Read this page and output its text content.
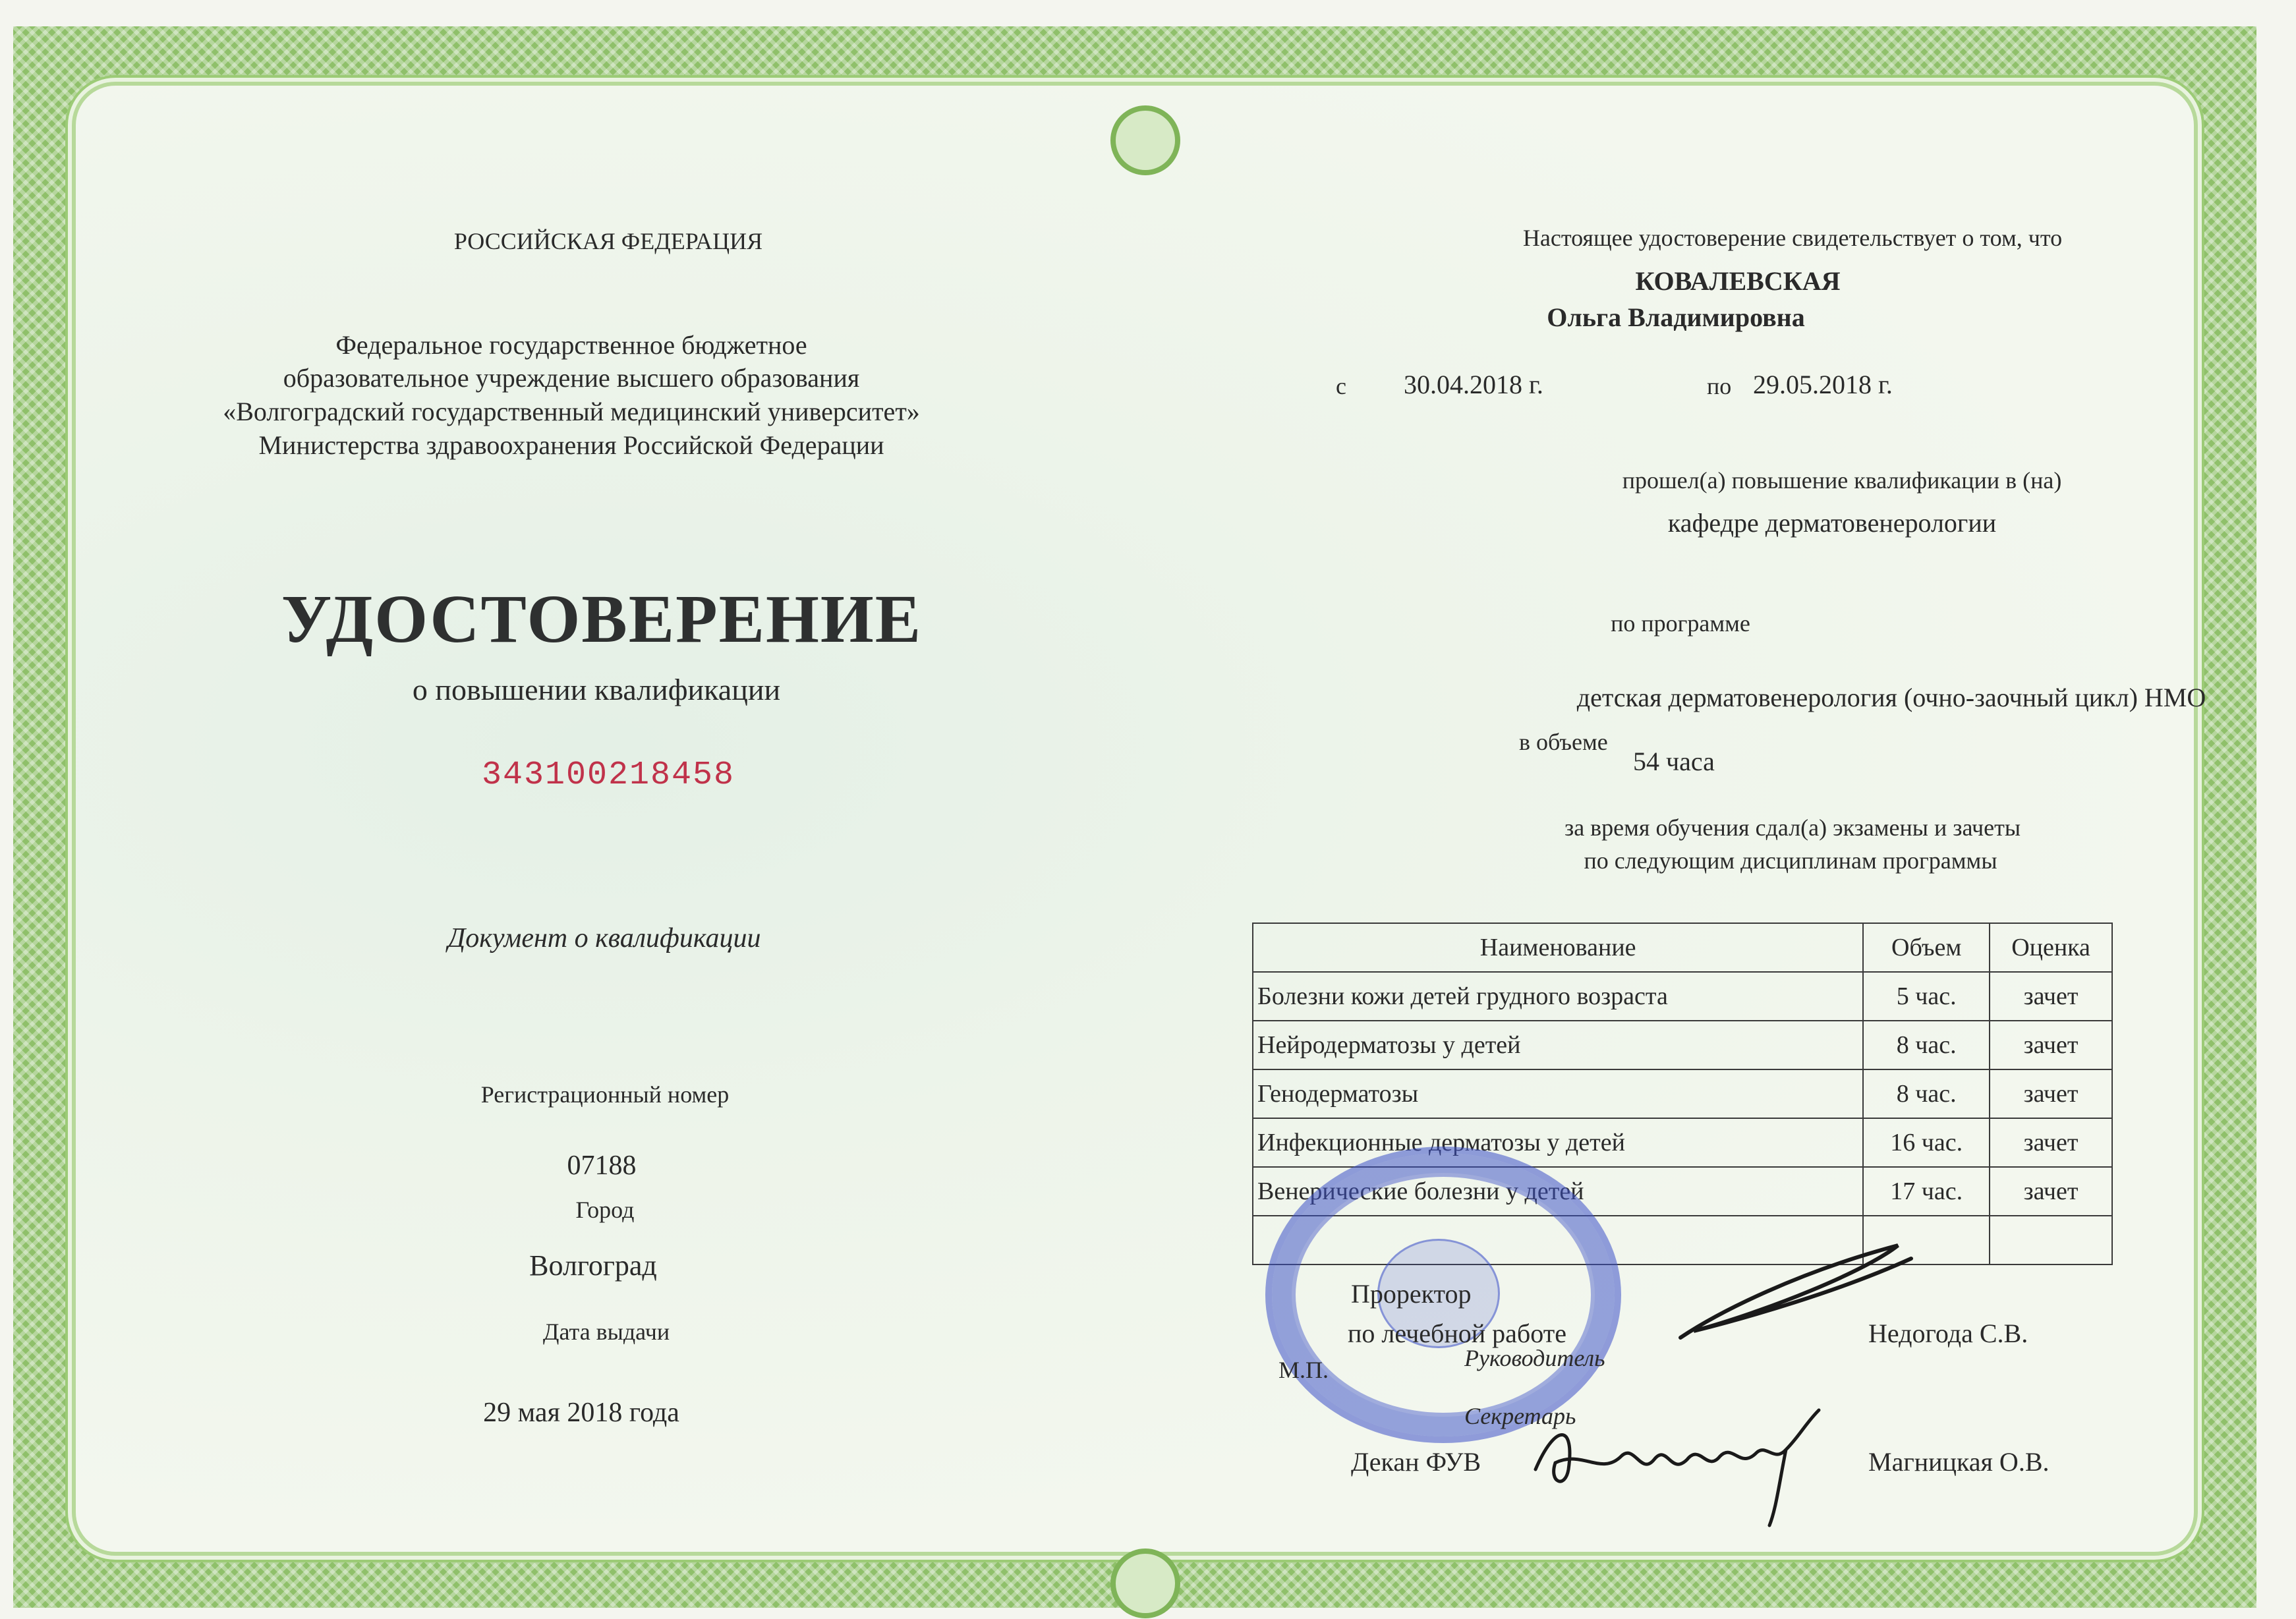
РОССИЙСКАЯ ФЕДЕРАЦИЯ
Федеральное государственное бюджетное
образовательное учреждение высшего образования
«Волгоградский государственный медицинский университет»
Министерства здравоохранения Российской Федерации
УДОСТОВЕРЕНИЕ
о повышении квалификации
343100218458
Документ о квалификации
Регистрационный номер
07188
Город
Волгоград
Дата выдачи
29 мая 2018 года
Настоящее удостоверение свидетельствует о том, что
КОВАЛЕВСКАЯ
Ольга Владимировна
с 30.04.2018 г.	по 29.05.2018 г.
прошел(а) повышение квалификации в (на)
кафедре дерматовенерологии
по программе
детская дерматовенерология (очно-заочный цикл) НМО
в объеме
54 часа
за время обучения сдал(а) экзамены и зачеты
по следующим дисциплинам программы
Наименование	Объем	Оценка
Болезни кожи детей грудного возраста	5 час.	зачет
Нейродерматозы у детей	8 час.	зачет
Генодерматозы	8 час.	зачет
Инфекционные дерматозы у детей	16 час.	зачет
Венерические болезни у детей	17 час.	зачет

Проректор
по лечебной работе	Недогода С.В.
М.П.	Руководитель
Секретарь
Декан ФУВ	Магницкая О.В.
